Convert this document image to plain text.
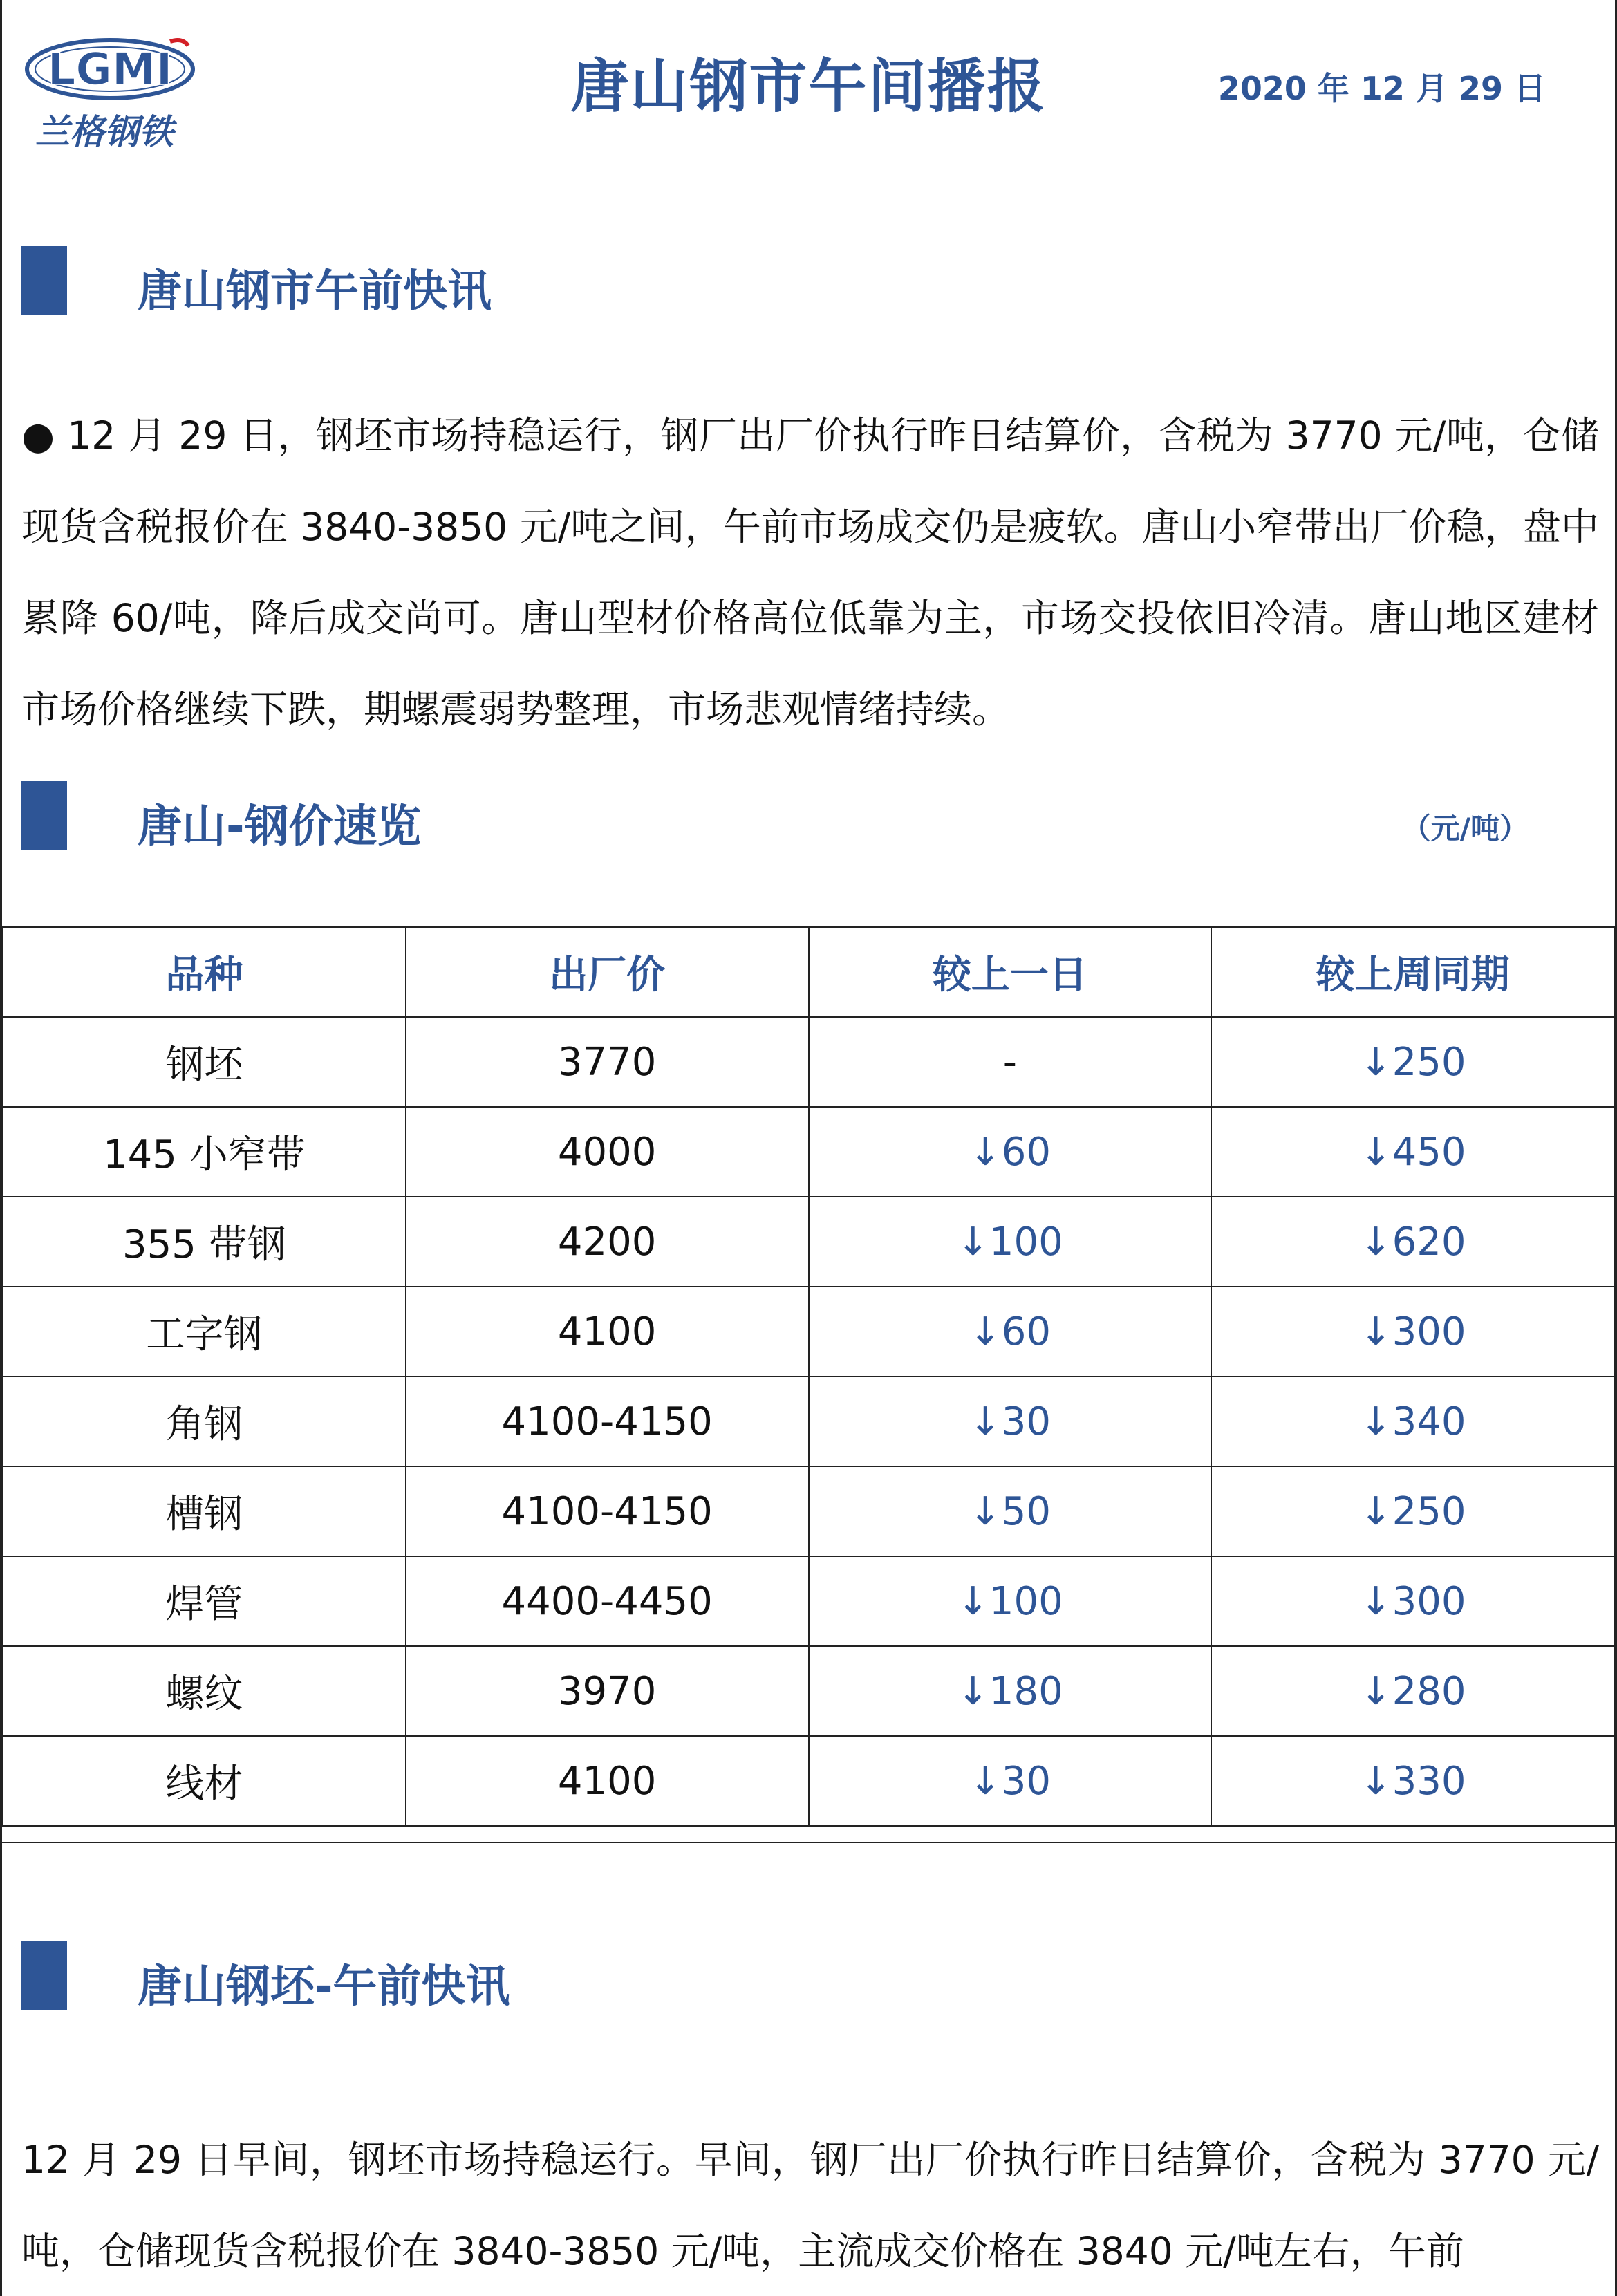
LGMI
兰格钢铁
唐山钢市午间播报	2020 年 12 月 29 日
唐山钢市午前快讯
● 12 月 29 日，钢坯市场持稳运行，钢厂出厂价执行昨日结算价，含税为 3770 元/吨，仓储现货含税报价在 3840-3850 元/吨之间，午前市场成交仍是疲软。唐山小窄带出厂价稳，盘中累降 60/吨，降后成交尚可。唐山型材价格高位低靠为主，市场交投依旧冷清。唐山地区建材市场价格继续下跌，期螺震弱势整理，市场悲观情绪持续。
唐山-钢价速览	（元/吨）
品种	出厂价	较上一日	较上周同期
钢坯	3770	-	↓250
145 小窄带	4000	↓60	↓450
355 带钢	4200	↓100	↓620
工字钢	4100	↓60	↓300
角钢	4100-4150	↓30	↓340
槽钢	4100-4150	↓50	↓250
焊管	4400-4450	↓100	↓300
螺纹	3970	↓180	↓280
线材	4100	↓30	↓330
唐山钢坯-午前快讯
12 月 29 日早间，钢坯市场持稳运行。早间，钢厂出厂价执行昨日结算价，含税为 3770 元/吨，仓储现货含税报价在 3840-3850 元/吨，主流成交价格在 3840 元/吨左右，午前
